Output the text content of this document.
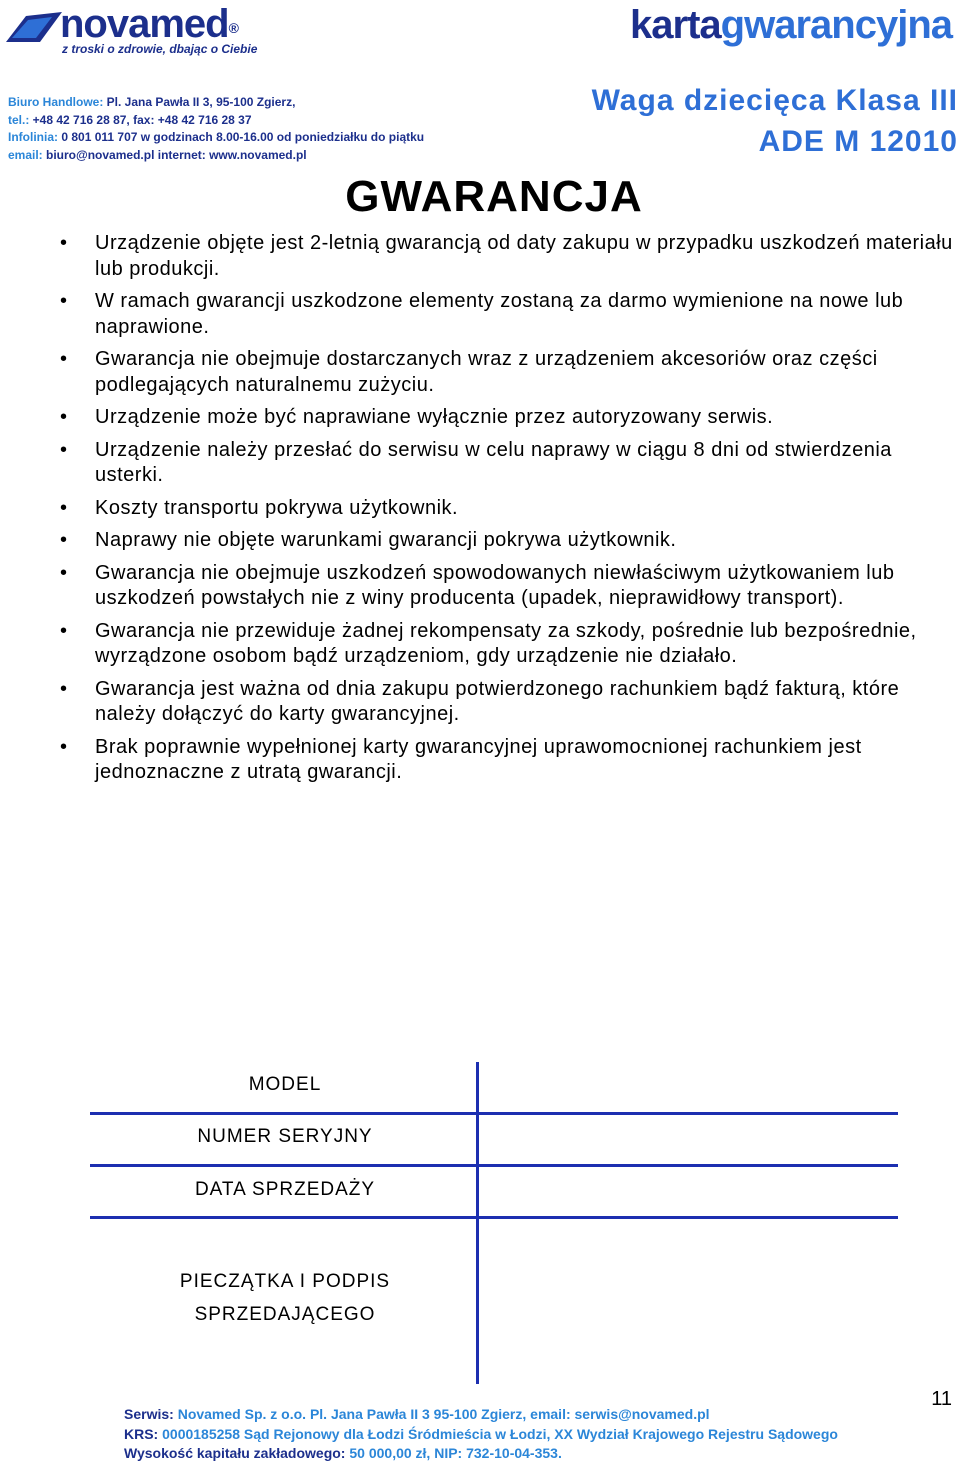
novamed®
z troski o zdrowie, dbając o Ciebie
kartagwarancyjna
Biuro Handlowe: Pl. Jana Pawła II 3, 95-100 Zgierz,
tel.: +48 42 716 28 87, fax: +48 42 716 28 37
Infolinia: 0 801 011 707 w godzinach 8.00-16.00 od poniedziałku do piątku
email: biuro@novamed.pl internet: www.novamed.pl
Waga dziecięca Klasa III
ADE M 12010
GWARANCJA
• Urządzenie objęte jest 2-letnią gwarancją od daty zakupu w przypadku uszkodzeń materiału lub produkcji.
• W ramach gwarancji uszkodzone elementy zostaną za darmo wymienione na nowe lub naprawione.
• Gwarancja nie obejmuje dostarczanych wraz z urządzeniem akcesoriów oraz części podlegających naturalnemu zużyciu.
• Urządzenie może być naprawiane wyłącznie przez autoryzowany serwis.
• Urządzenie należy przesłać do serwisu w celu naprawy w ciągu 8 dni od stwierdzenia usterki.
• Koszty transportu pokrywa użytkownik.
• Naprawy nie objęte warunkami gwarancji pokrywa użytkownik.
• Gwarancja nie obejmuje uszkodzeń spowodowanych niewłaściwym użytkowaniem lub uszkodzeń powstałych nie z winy producenta (upadek, nieprawidłowy transport).
• Gwarancja nie przewiduje żadnej rekompensaty za szkody, pośrednie lub bezpośrednie, wyrządzone osobom bądź urządzeniom, gdy urządzenie nie działało.
• Gwarancja jest ważna od dnia zakupu potwierdzonego rachunkiem bądź fakturą, które należy dołączyć do karty gwarancyjnej.
• Brak poprawnie wypełnionej karty gwarancyjnej uprawomocnionej rachunkiem jest jednoznaczne z utratą gwarancji.
MODEL
NUMER SERYJNY
DATA SPRZEDAŻY
PIECZĄTKA I PODPIS
SPRZEDAJĄCEGO
11
Serwis: Novamed Sp. z o.o. Pl. Jana Pawła II 3 95-100 Zgierz, email: serwis@novamed.pl
KRS: 0000185258 Sąd Rejonowy dla Łodzi Śródmieścia w Łodzi, XX Wydział Krajowego Rejestru Sądowego
Wysokość kapitału zakładowego: 50 000,00 zł, NIP: 732-10-04-353.
